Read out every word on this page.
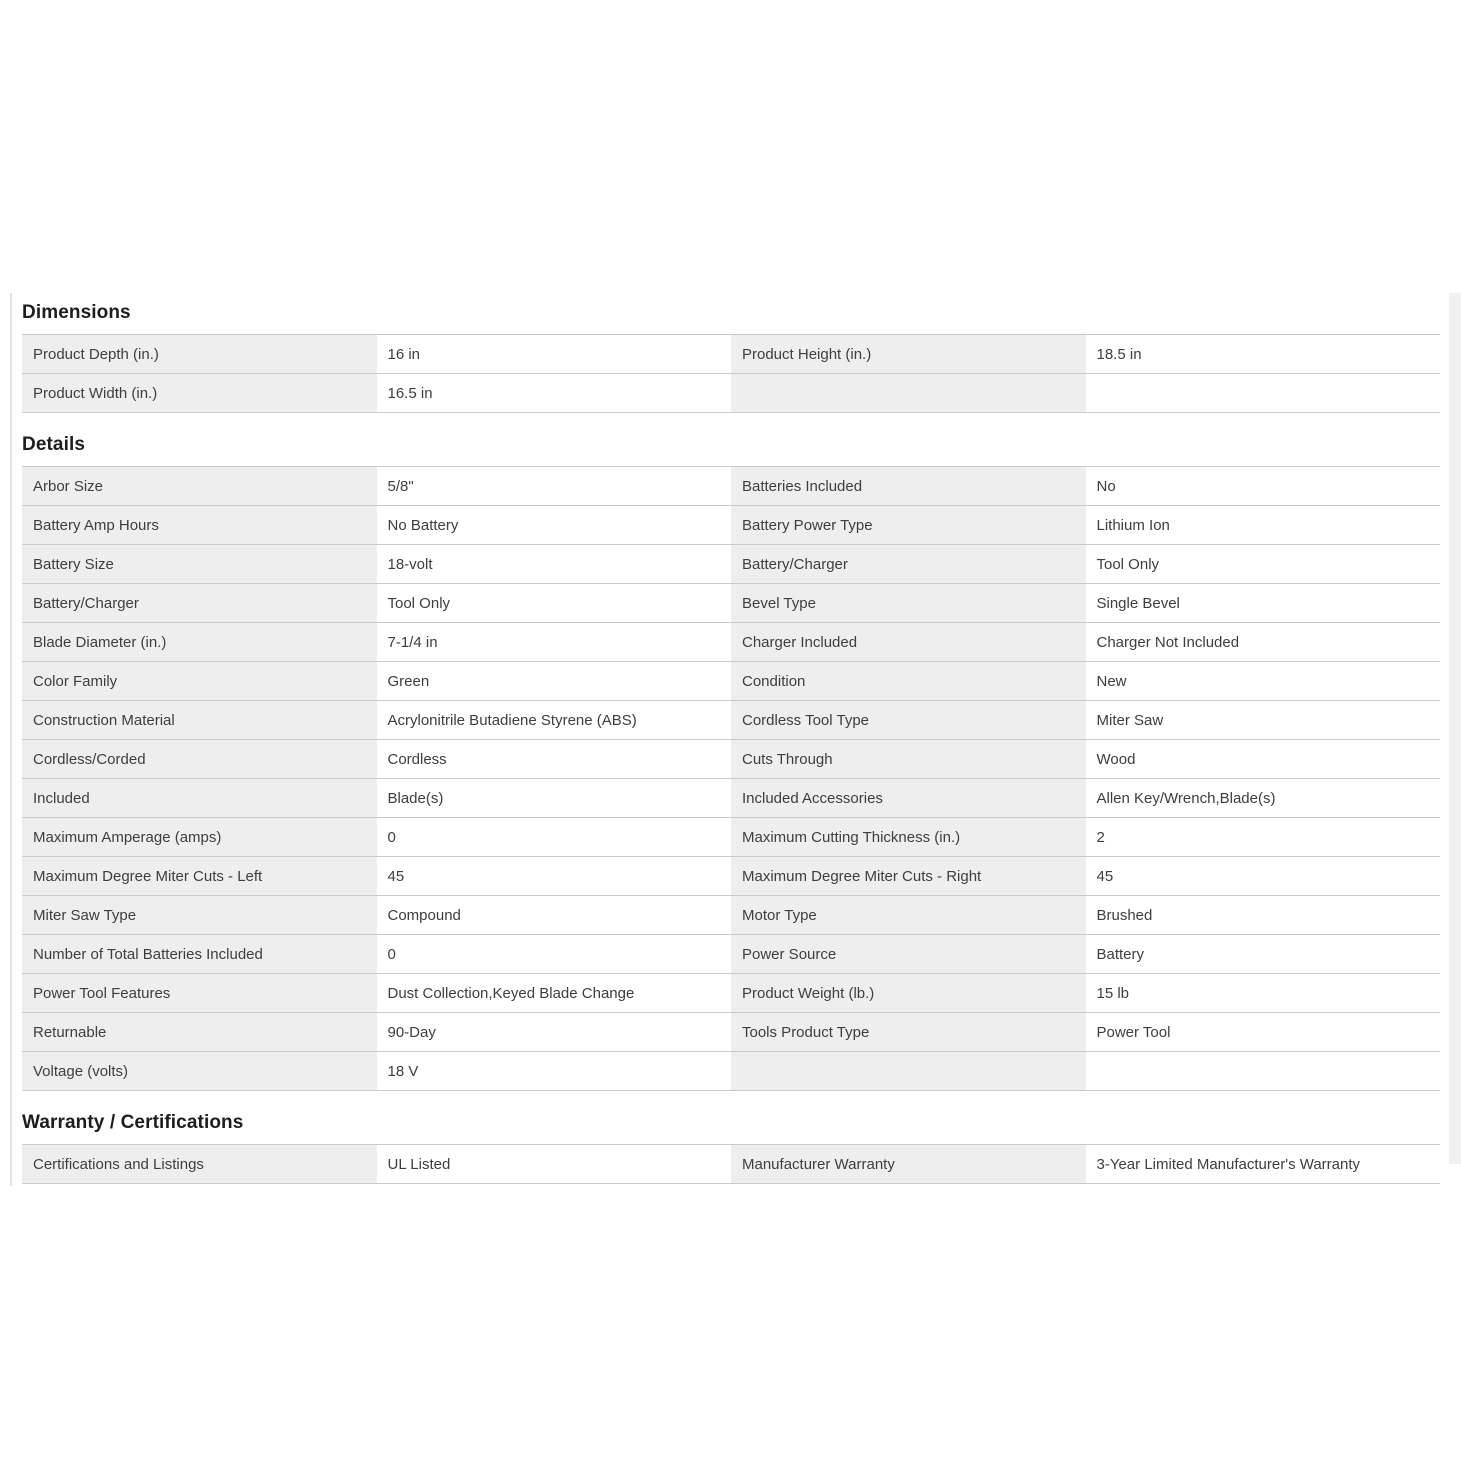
Dimensions
Product Depth (in.)	16 in	Product Height (in.)	18.5 in
Product Width (in.)	16.5 in
Details
Arbor Size	5/8"	Batteries Included	No
Battery Amp Hours	No Battery	Battery Power Type	Lithium Ion
Battery Size	18-volt	Battery/Charger	Tool Only
Battery/Charger	Tool Only	Bevel Type	Single Bevel
Blade Diameter (in.)	7-1/4 in	Charger Included	Charger Not Included
Color Family	Green	Condition	New
Construction Material	Acrylonitrile Butadiene Styrene (ABS)	Cordless Tool Type	Miter Saw
Cordless/Corded	Cordless	Cuts Through	Wood
Included	Blade(s)	Included Accessories	Allen Key/Wrench,Blade(s)
Maximum Amperage (amps)	0	Maximum Cutting Thickness (in.)	2
Maximum Degree Miter Cuts - Left	45	Maximum Degree Miter Cuts - Right	45
Miter Saw Type	Compound	Motor Type	Brushed
Number of Total Batteries Included	0	Power Source	Battery
Power Tool Features	Dust Collection,Keyed Blade Change	Product Weight (lb.)	15 lb
Returnable	90-Day	Tools Product Type	Power Tool
Voltage (volts)	18 V
Warranty / Certifications
Certifications and Listings	UL Listed	Manufacturer Warranty	3-Year Limited Manufacturer's Warranty
